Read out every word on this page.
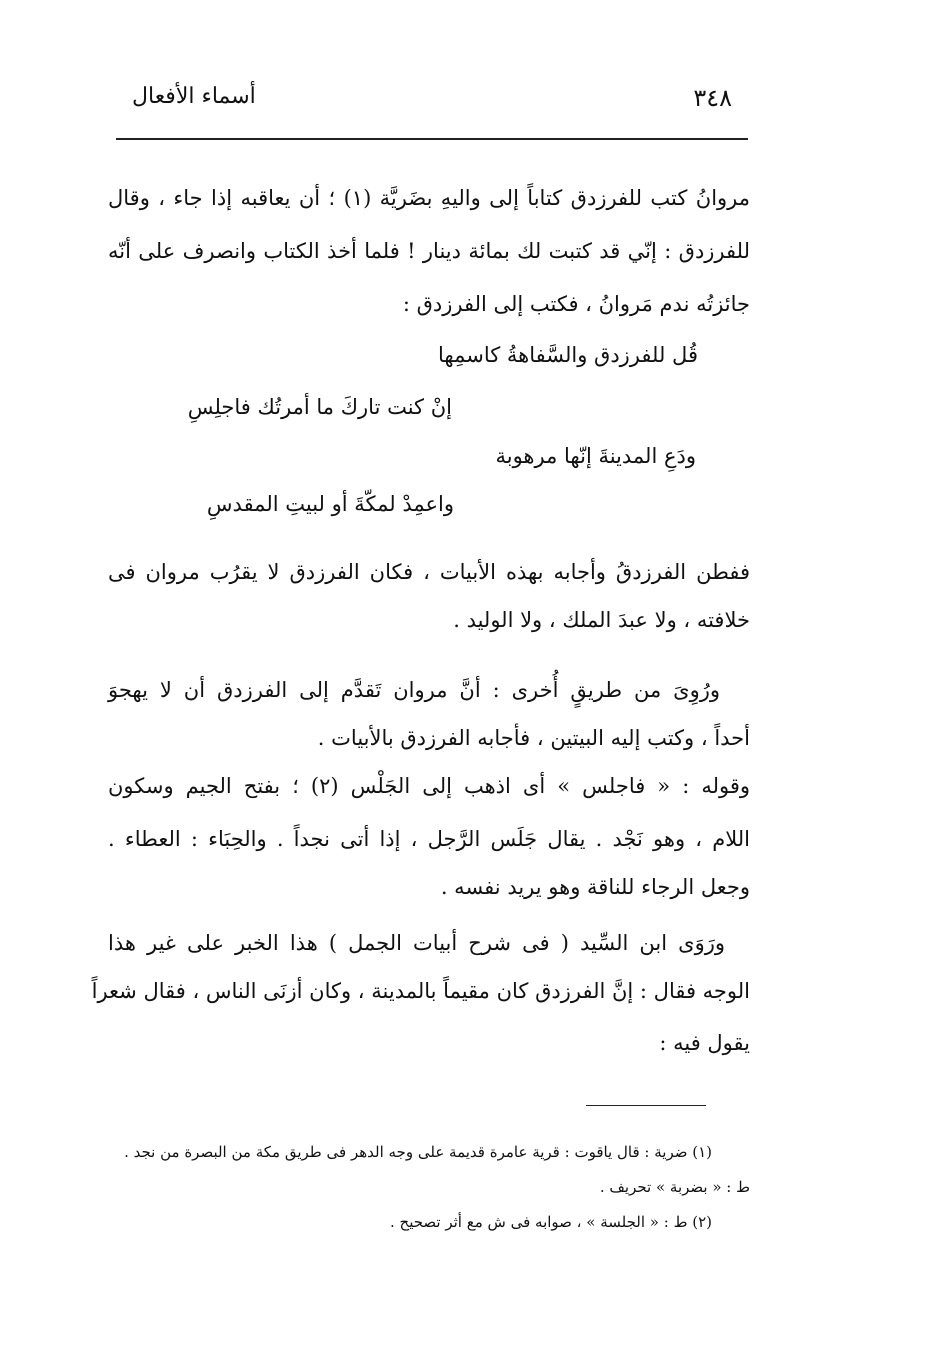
٣٤٨
أسماء الأفعال
مروانُ كتب للفرزدق كتاباً إلى واليهِ بضَريَّة (١) ؛ أن يعاقبه إذا جاء ، وقال
للفرزدق : إنّي قد كتبت لك بمائة دينار ! فلما أخذ الكتاب وانصرف على أنّه
جائزتُه ندم مَروانُ ، فكتب إلى الفرزدق :
قُل للفرزدق والسَّفاهةُ كاسمِها
إنْ كنت تاركَ ما أمرتُك فاجلِسِ
ودَعِ المدينةَ إنّها مرهوبة
واعمِدْ لمكّةَ أو لبيتِ المقدسِ
ففطن الفرزدقُ وأجابه بهذه الأبيات ، فكان الفرزدق لا يقرُب مروان فى
خلافته ، ولا عبدَ الملك ، ولا الوليد .
ورُوِىَ من طريقٍ أُخرى : أنَّ مروان تَقدَّم إلى الفرزدق أن لا يهجوَ
أحداً ، وكتب إليه البيتين ، فأجابه الفرزدق بالأبيات .
وقوله : « فاجلس » أى اذهب إلى الجَلْس (٢) ؛ بفتح الجيم وسكون
اللام ، وهو نَجْد . يقال جَلَس الرَّجل ، إذا أتى نجداً . والحِبَاء : العطاء .
وجعل الرجاء للناقة وهو يريد نفسه .
ورَوَى ابن السِّيد ( فى شرح أبيات الجمل ) هذا الخبر على غير هذا
الوجه فقال : إنَّ الفرزدق كان مقيماً بالمدينة ، وكان أزنَى الناس ، فقال شعراً
يقول فيه :
(١) ضرية : قال ياقوت : قرية عامرة قديمة على وجه الدهر فى طريق مكة من البصرة من نجد .
ط : « بضربة » تحريف .
(٢) ط : « الجلسة » ، صوابه فى ش مع أثر تصحيح .
